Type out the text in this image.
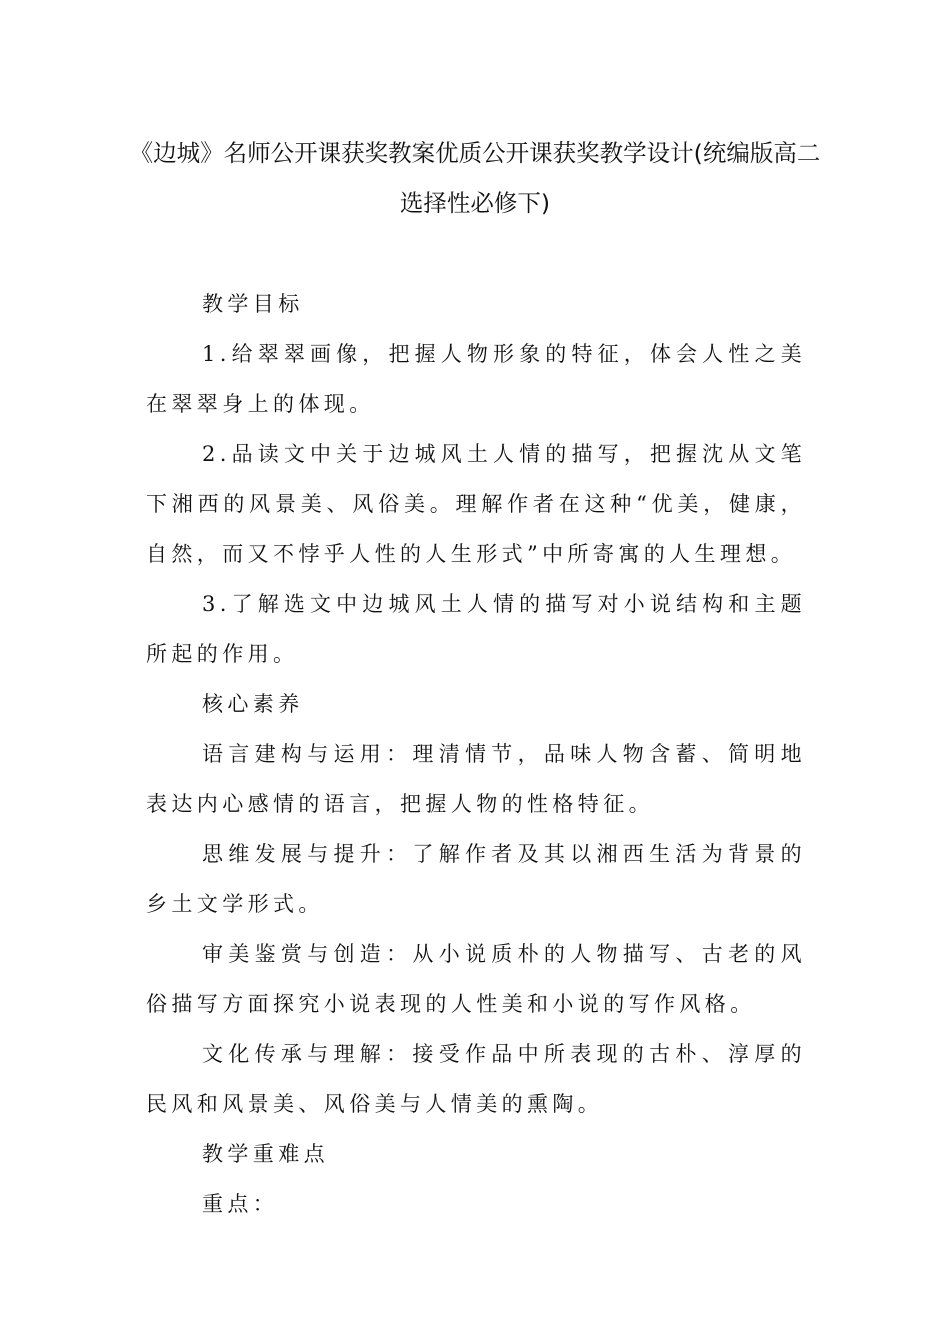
《边城》名师公开课获奖教案优质公开课获奖教学设计(统编版高二选择性必修下)

教学目标

1.给翠翠画像，把握人物形象的特征，体会人性之美在翠翠身上的体现。

2.品读文中关于边城风土人情的描写，把握沈从文笔下湘西的风景美、风俗美。理解作者在这种“优美，健康，自然，而又不悖乎人性的人生形式”中所寄寓的人生理想。

3.了解选文中边城风土人情的描写对小说结构和主题所起的作用。

核心素养

语言建构与运用：理清情节，品味人物含蓄、简明地表达内心感情的语言，把握人物的性格特征。

思维发展与提升：了解作者及其以湘西生活为背景的乡土文学形式。

审美鉴赏与创造：从小说质朴的人物描写、古老的风俗描写方面探究小说表现的人性美和小说的写作风格。

文化传承与理解：接受作品中所表现的古朴、淳厚的民风和风景美、风俗美与人情美的熏陶。

教学重难点

重点：
